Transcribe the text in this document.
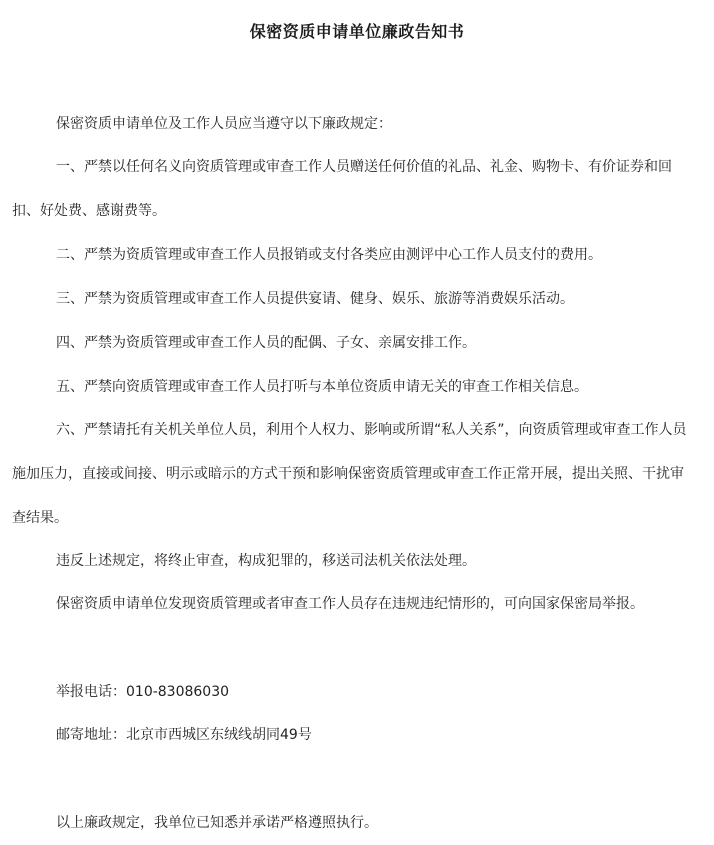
保密资质申请单位廉政告知书

保密资质申请单位及工作人员应当遵守以下廉政规定：

一、严禁以任何名义向资质管理或审查工作人员赠送任何价值的礼品、礼金、购物卡、有价证券和回扣、好处费、感谢费等。

二、严禁为资质管理或审查工作人员报销或支付各类应由测评中心工作人员支付的费用。

三、严禁为资质管理或审查工作人员提供宴请、健身、娱乐、旅游等消费娱乐活动。

四、严禁为资质管理或审查工作人员的配偶、子女、亲属安排工作。

五、严禁向资质管理或审查工作人员打听与本单位资质申请无关的审查工作相关信息。

六、严禁请托有关机关单位人员，利用个人权力、影响或所谓“私人关系”，向资质管理或审查工作人员施加压力，直接或间接、明示或暗示的方式干预和影响保密资质管理或审查工作正常开展，提出关照、干扰审查结果。

违反上述规定，将终止审查，构成犯罪的，移送司法机关依法处理。

保密资质申请单位发现资质管理或者审查工作人员存在违规违纪情形的，可向国家保密局举报。

举报电话：010-83086030

邮寄地址：北京市西城区东绒线胡同49号

以上廉政规定，我单位已知悉并承诺严格遵照执行。
